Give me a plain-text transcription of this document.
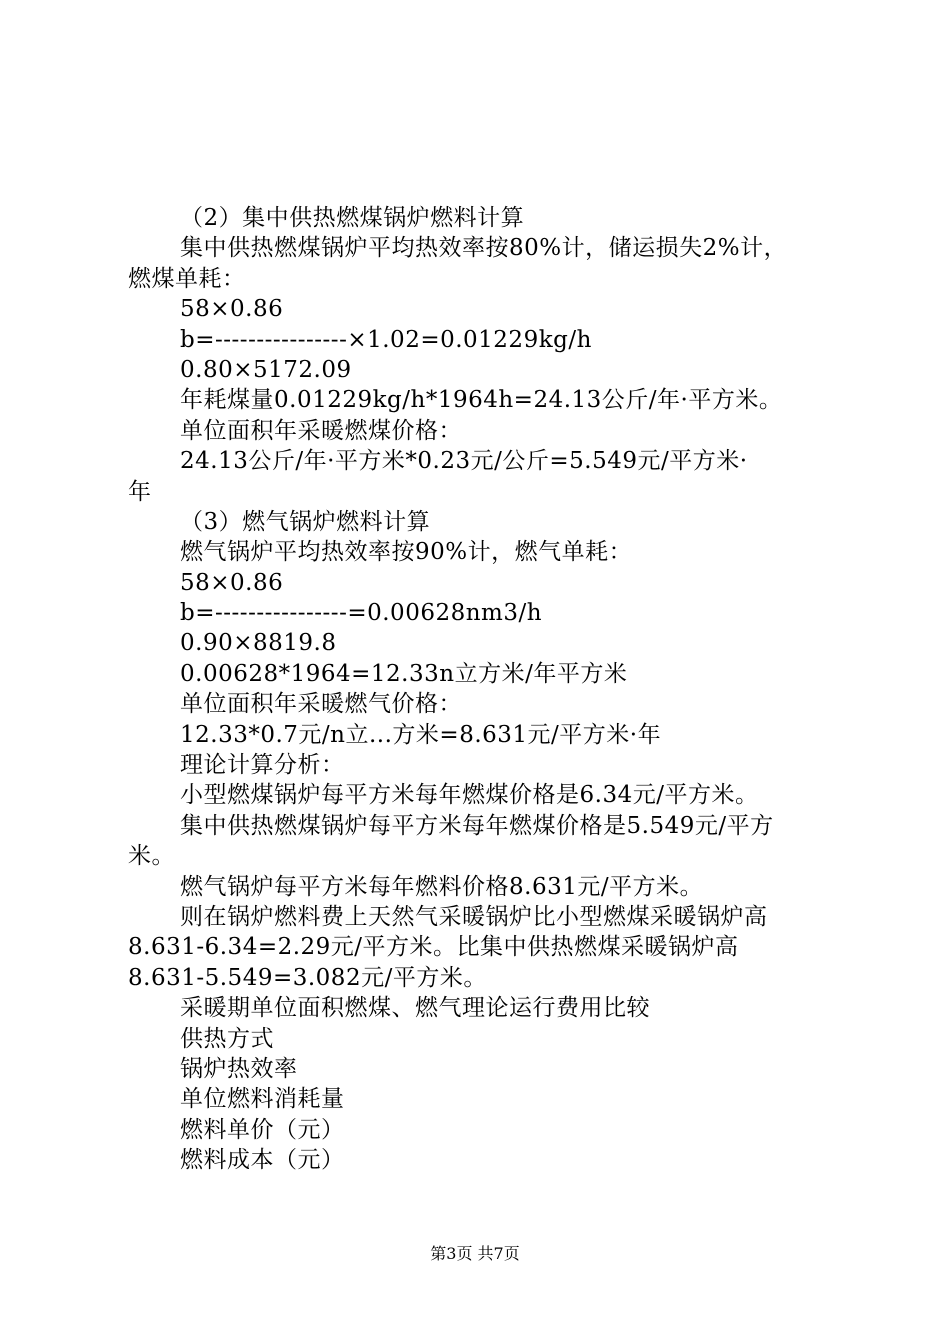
（2）集中供热燃煤锅炉燃料计算
集中供热燃煤锅炉平均热效率按80%计，储运损失2%计，
燃煤单耗：
58×0.86
b=----------------×1.02=0.01229kg/h
0.80×5172.09
年耗煤量0.01229kg/h*1964h=24.13公斤/年·平方米。
单位面积年采暖燃煤价格：
24.13公斤/年·平方米*0.23元/公斤=5.549元/平方米·
年
（3）燃气锅炉燃料计算
燃气锅炉平均热效率按90%计，燃气单耗：
58×0.86
b=----------------=0.00628nm3/h
0.90×8819.8
0.00628*1964=12.33n立方米/年平方米
单位面积年采暖燃气价格：
12.33*0.7元/n立...方米=8.631元/平方米·年
理论计算分析：
小型燃煤锅炉每平方米每年燃煤价格是6.34元/平方米。
集中供热燃煤锅炉每平方米每年燃煤价格是5.549元/平方
米。
燃气锅炉每平方米每年燃料价格8.631元/平方米。
则在锅炉燃料费上天然气采暖锅炉比小型燃煤采暖锅炉高
8.631-6.34=2.29元/平方米。比集中供热燃煤采暖锅炉高
8.631-5.549=3.082元/平方米。
采暖期单位面积燃煤、燃气理论运行费用比较
供热方式
锅炉热效率
单位燃料消耗量
燃料单价（元）
燃料成本（元）
第3页 共7页
